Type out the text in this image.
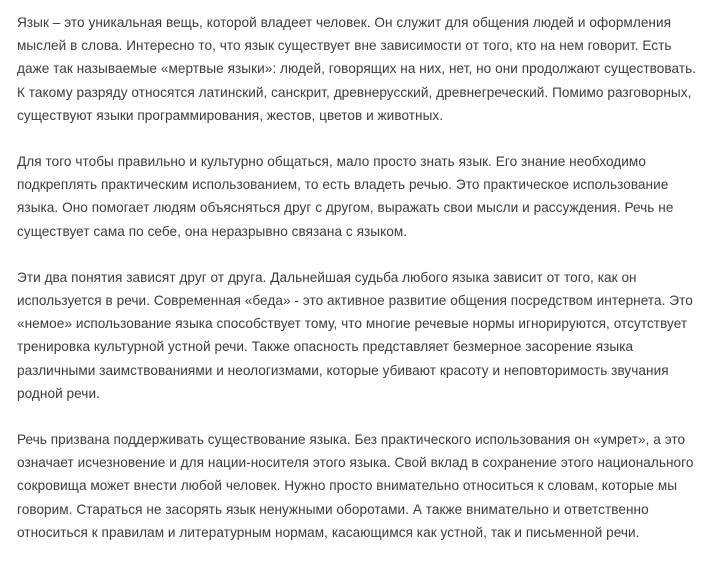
Язык – это уникальная вещь, которой владеет человек. Он служит для общения людей и оформления
мыслей в слова. Интересно то, что язык существует вне зависимости от того, кто на нем говорит. Есть
даже так называемые «мертвые языки»: людей, говорящих на них, нет, но они продолжают существовать.
К такому разряду относятся латинский, санскрит, древнерусский, древнегреческий. Помимо разговорных,
существуют языки программирования, жестов, цветов и животных.

Для того чтобы правильно и культурно общаться, мало просто знать язык. Его знание необходимо
подкреплять практическим использованием, то есть владеть речью. Это практическое использование
языка. Оно помогает людям объясняться друг с другом, выражать свои мысли и рассуждения. Речь не
существует сама по себе, она неразрывно связана с языком.

Эти два понятия зависят друг от друга. Дальнейшая судьба любого языка зависит от того, как он
используется в речи. Современная «беда» - это активное развитие общения посредством интернета. Это
«немое» использование языка способствует тому, что многие речевые нормы игнорируются, отсутствует
тренировка культурной устной речи. Также опасность представляет безмерное засорение языка
различными заимствованиями и неологизмами, которые убивают красоту и неповторимость звучания
родной речи.

Речь призвана поддерживать существование языка. Без практического использования он «умрет», а это
означает исчезновение и для нации-носителя этого языка. Свой вклад в сохранение этого национального
сокровища может внести любой человек. Нужно просто внимательно относиться к словам, которые мы
говорим. Стараться не засорять язык ненужными оборотами. А также внимательно и ответственно
относиться к правилам и литературным нормам, касающимся как устной, так и письменной речи.
